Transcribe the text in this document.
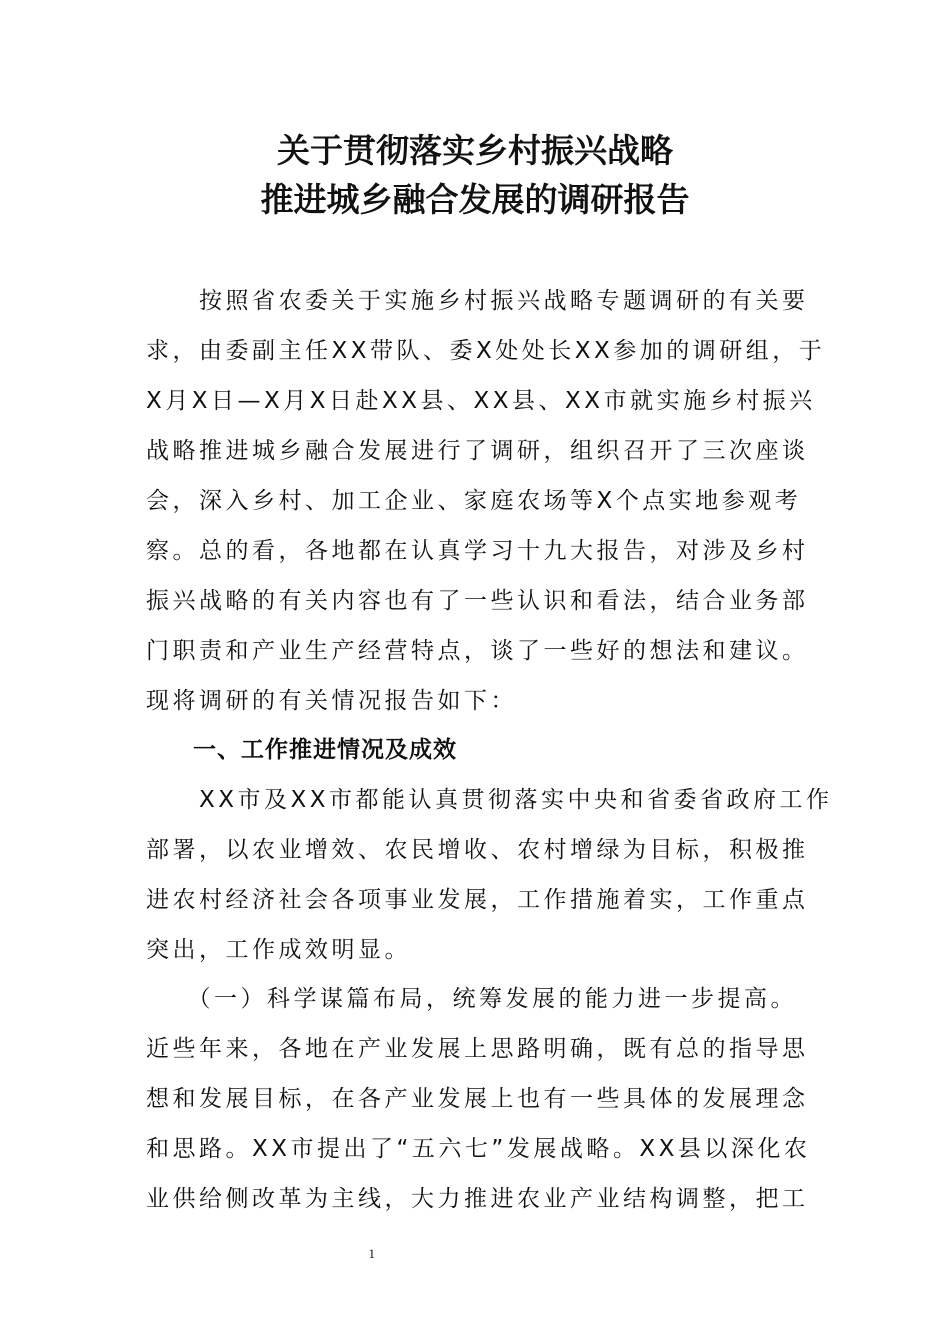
关于贯彻落实乡村振兴战略
推进城乡融合发展的调研报告
　　按照省农委关于实施乡村振兴战略专题调研的有关要
求，由委副主任XX带队、委X处处长XX参加的调研组，于
X月X日—X月X日赴XX县、XX县、XX市就实施乡村振兴
战略推进城乡融合发展进行了调研，组织召开了三次座谈
会，深入乡村、加工企业、家庭农场等X个点实地参观考
察。总的看，各地都在认真学习十九大报告，对涉及乡村
振兴战略的有关内容也有了一些认识和看法，结合业务部
门职责和产业生产经营特点，谈了一些好的想法和建议。
现将调研的有关情况报告如下：
一、工作推进情况及成效
　　XX市及XX市都能认真贯彻落实中央和省委省政府工作
部署，以农业增效、农民增收、农村增绿为目标，积极推
进农村经济社会各项事业发展，工作措施着实，工作重点
突出，工作成效明显。
　　（一）科学谋篇布局，统筹发展的能力进一步提高。
近些年来，各地在产业发展上思路明确，既有总的指导思
想和发展目标，在各产业发展上也有一些具体的发展理念
和思路。XX市提出了“五六七”发展战略。XX县以深化农
业供给侧改革为主线，大力推进农业产业结构调整，把工
1
